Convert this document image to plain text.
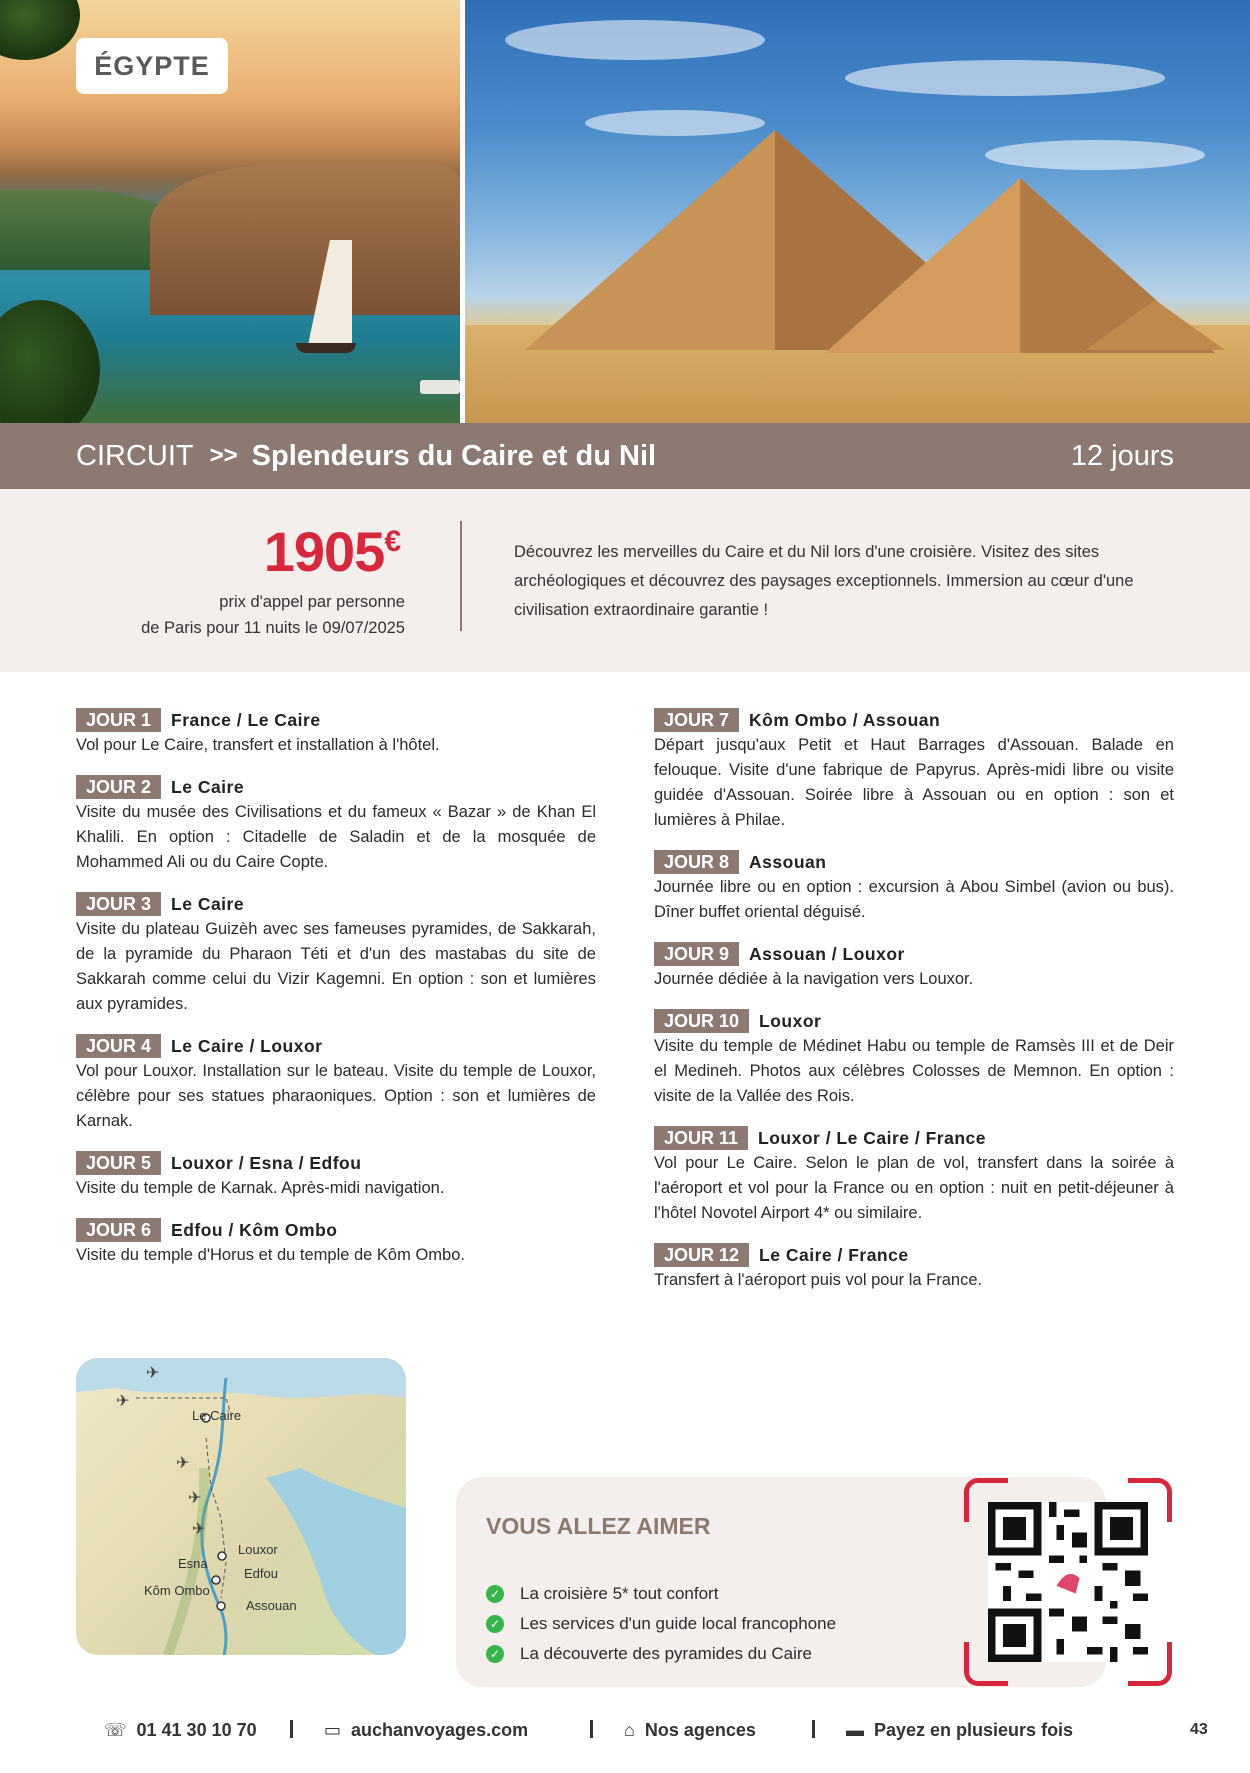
ÉGYPTE
CIRCUIT >> Splendeurs du Caire et du Nil	12 jours
1905€
prix d'appel par personne
de Paris pour 11 nuits le 09/07/2025
Découvrez les merveilles du Caire et du Nil lors d'une croisière. Visitez des sites archéologiques et découvrez des paysages exceptionnels. Immersion au cœur d'une civilisation extraordinaire garantie !
JOUR 1	France / Le Caire
Vol pour Le Caire, transfert et installation à l'hôtel.
JOUR 2	Le Caire
Visite du musée des Civilisations et du fameux « Bazar » de Khan El Khalili. En option : Citadelle de Saladin et de la mosquée de Mohammed Ali ou du Caire Copte.
JOUR 3	Le Caire
Visite du plateau Guizèh avec ses fameuses pyramides, de Sakkarah, de la pyramide du Pharaon Téti et d'un des mastabas du site de Sakkarah comme celui du Vizir Kagemni. En option : son et lumières aux pyramides.
JOUR 4	Le Caire / Louxor
Vol pour Louxor. Installation sur le bateau. Visite du temple de Louxor, célèbre pour ses statues pharaoniques. Option : son et lumières de Karnak.
JOUR 5	Louxor / Esna / Edfou
Visite du temple de Karnak. Après-midi navigation.
JOUR 6	Edfou / Kôm Ombo
Visite du temple d'Horus et du temple de Kôm Ombo.
JOUR 7	Kôm Ombo / Assouan
Départ jusqu'aux Petit et Haut Barrages d'Assouan. Balade en felouque. Visite d'une fabrique de Papyrus. Après-midi libre ou visite guidée d'Assouan. Soirée libre à Assouan ou en option : son et lumières à Philae.
JOUR 8	Assouan
Journée libre ou en option : excursion à Abou Simbel (avion ou bus). Dîner buffet oriental déguisé.
JOUR 9	Assouan / Louxor
Journée dédiée à la navigation vers Louxor.
JOUR 10	Louxor
Visite du temple de Médinet Habu ou temple de Ramsès III et de Deir el Medineh. Photos aux célèbres Colosses de Memnon. En option : visite de la Vallée des Rois.
JOUR 11	Louxor / Le Caire / France
Vol pour Le Caire. Selon le plan de vol, transfert dans la soirée à l'aéroport et vol pour la France ou en option : nuit en petit-déjeuner à l'hôtel Novotel Airport 4* ou similaire.
JOUR 12	Le Caire / France
Transfert à l'aéroport puis vol pour la France.
✈
✈
✈
✈
✈
Le Caire
Louxor
Esna
Edfou
Kôm Ombo
Assouan
VOUS ALLEZ AIMER
✓ La croisière 5* tout confort
✓ Les services d'un guide local francophone
✓ La découverte des pyramides du Caire
☏ 01 41 30 10 70	▭ auchanvoyages.com	⌂ Nos agences	▬ Payez en plusieurs fois	43
